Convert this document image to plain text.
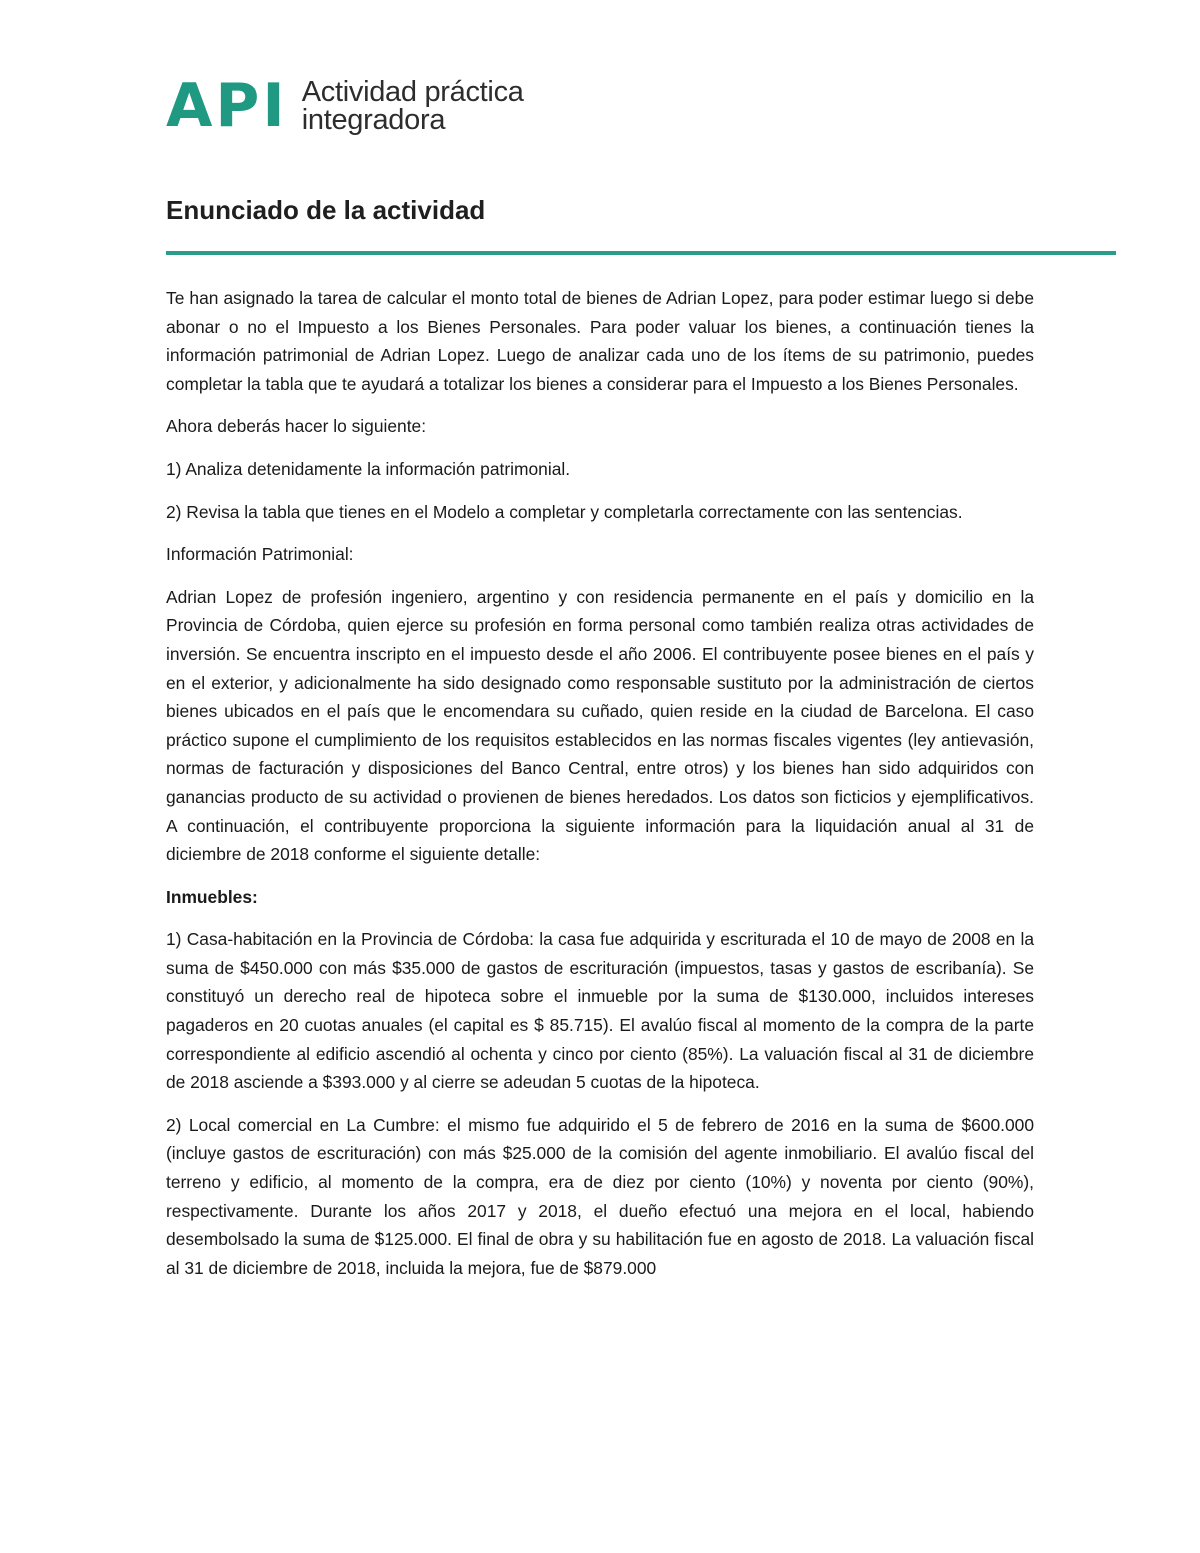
API Actividad práctica
integradora
Enunciado de la actividad

Te han asignado la tarea de calcular el monto total de bienes de Adrian Lopez, para poder estimar luego si debe abonar o no el Impuesto a los Bienes Personales. Para poder valuar los bienes, a continuación tienes la información patrimonial de Adrian Lopez. Luego de analizar cada uno de los ítems de su patrimonio, puedes completar la tabla que te ayudará a totalizar los bienes a considerar para el Impuesto a los Bienes Personales.

Ahora deberás hacer lo siguiente:

1) Analiza detenidamente la información patrimonial.

2) Revisa la tabla que tienes en el Modelo a completar y completarla correctamente con las sentencias.

Información Patrimonial:

Adrian Lopez de profesión ingeniero, argentino y con residencia permanente en el país y domicilio en la Provincia de Córdoba, quien ejerce su profesión en forma personal como también realiza otras actividades de inversión. Se encuentra inscripto en el impuesto desde el año 2006. El contribuyente posee bienes en el país y en el exterior, y adicionalmente ha sido designado como responsable sustituto por la administración de ciertos bienes ubicados en el país que le encomendara su cuñado, quien reside en la ciudad de Barcelona. El caso práctico supone el cumplimiento de los requisitos establecidos en las normas fiscales vigentes (ley antievasión, normas de facturación y disposiciones del Banco Central, entre otros) y los bienes han sido adquiridos con ganancias producto de su actividad o provienen de bienes heredados. Los datos son ficticios y ejemplificativos. A continuación, el contribuyente proporciona la siguiente información para la liquidación anual al 31 de diciembre de 2018 conforme el siguiente detalle:

Inmuebles:

1) Casa-habitación en la Provincia de Córdoba: la casa fue adquirida y escriturada el 10 de mayo de 2008 en la suma de $450.000 con más $35.000 de gastos de escrituración (impuestos, tasas y gastos de escribanía). Se constituyó un derecho real de hipoteca sobre el inmueble por la suma de $130.000, incluidos intereses pagaderos en 20 cuotas anuales (el capital es $ 85.715). El avalúo fiscal al momento de la compra de la parte correspondiente al edificio ascendió al ochenta y cinco por ciento (85%). La valuación fiscal al 31 de diciembre de 2018 asciende a $393.000 y al cierre se adeudan 5 cuotas de la hipoteca.

2) Local comercial en La Cumbre: el mismo fue adquirido el 5 de febrero de 2016 en la suma de $600.000 (incluye gastos de escrituración) con más $25.000 de la comisión del agente inmobiliario. El avalúo fiscal del terreno y edificio, al momento de la compra, era de diez por ciento (10%) y noventa por ciento (90%), respectivamente. Durante los años 2017 y 2018, el dueño efectuó una mejora en el local, habiendo desembolsado la suma de $125.000. El final de obra y su habilitación fue en agosto de 2018. La valuación fiscal al 31 de diciembre de 2018, incluida la mejora, fue de $879.000
